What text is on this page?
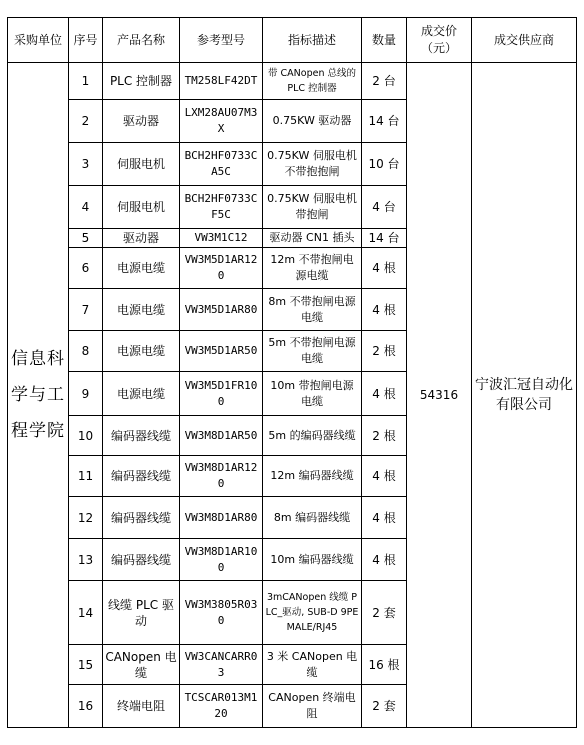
采购单位	序号	产品名称	参考型号	指标描述	数量	成交价（元）	成交供应商
信息科学与工程学院	1	PLC 控制器	TM258LF42DT	带 CANopen 总线的 PLC 控制器	2 台	54316	宁波汇冠自动化有限公司
	2	驱动器	LXM28AU07M3X	0.75KW 驱动器	14 台		
	3	伺服电机	BCH2HF0733CA5C	0.75KW 伺服电机不带抱抱闸	10 台		
	4	伺服电机	BCH2HF0733CF5C	0.75KW 伺服电机带抱闸	4 台		
	5	驱动器	VW3M1C12	驱动器 CN1 插头	14 台		
	6	电源电缆	VW3M5D1AR120	12m 不带抱闸电源电缆	4 根		
	7	电源电缆	VW3M5D1AR80	8m 不带抱闸电源电缆	4 根		
	8	电源电缆	VW3M5D1AR50	5m 不带抱闸电源电缆	2 根		
	9	电源电缆	VW3M5D1FR100	10m 带抱闸电源电缆	4 根		
	10	编码器线缆	VW3M8D1AR50	5m 的编码器线缆	2 根		
	11	编码器线缆	VW3M8D1AR120	12m 编码器线缆	4 根		
	12	编码器线缆	VW3M8D1AR80	8m 编码器线缆	4 根		
	13	编码器线缆	VW3M8D1AR100	10m 编码器线缆	4 根		
	14	线缆 PLC 驱动	VW3M3805R030	3mCANopen 线缆 PLC_驱动, SUB-D 9PEMALE/RJ45	2 套		
	15	CANopen 电缆	VW3CANCARR03	3 米 CANopen 电缆	16 根		
	16	终端电阻	TCSCAR013M120	CANopen 终端电阻	2 套		
